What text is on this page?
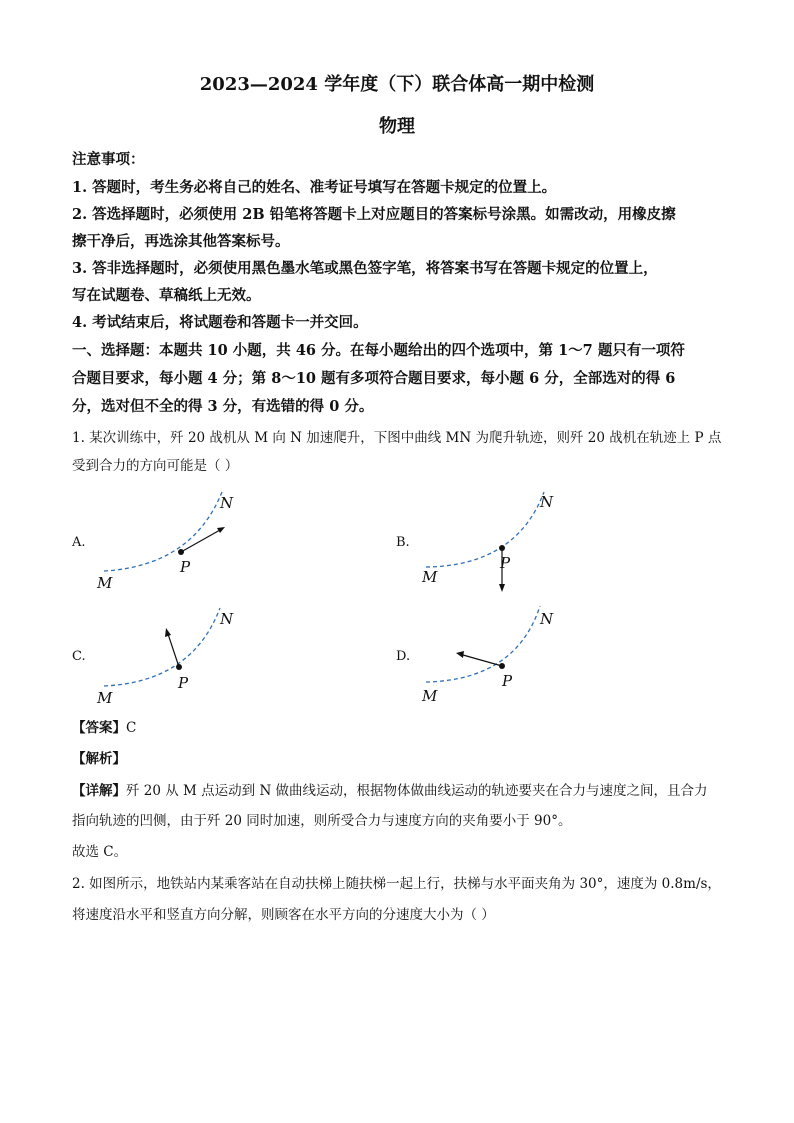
2023—2024 学年度（下）联合体高一期中检测
物理
注意事项：
1. 答题时，考生务必将自己的姓名、准考证号填写在答题卡规定的位置上。
2. 答选择题时，必须使用 2B 铅笔将答题卡上对应题目的答案标号涂黑。如需改动，用橡皮擦
擦干净后，再选涂其他答案标号。
3. 答非选择题时，必须使用黑色墨水笔或黑色签字笔，将答案书写在答题卡规定的位置上，
写在试题卷、草稿纸上无效。
4. 考试结束后，将试题卷和答题卡一并交回。
一、选择题：本题共 10 小题，共 46 分。在每小题给出的四个选项中，第 1～7 题只有一项符
合题目要求，每小题 4 分；第 8～10 题有多项符合题目要求，每小题 6 分，全部选对的得 6
分，选对但不全的得 3 分，有选错的得 0 分。
1. 某次训练中，歼 20 战机从 M 向 N 加速爬升，下图中曲线 MN 为爬升轨迹，则歼 20 战机在轨迹上 P 点
受到合力的方向可能是（ ）
A.
N
P
M
B.
N
P
M
C.
N
P
M
D.
N
P
M
【答案】C
【解析】
【详解】歼 20 从 M 点运动到 N 做曲线运动，根据物体做曲线运动的轨迹要夹在合力与速度之间，且合力
指向轨迹的凹侧，由于歼 20 同时加速，则所受合力与速度方向的夹角要小于 90°。
故选 C。
2. 如图所示，地铁站内某乘客站在自动扶梯上随扶梯一起上行，扶梯与水平面夹角为 30°，速度为 0.8m/s，
将速度沿水平和竖直方向分解，则顾客在水平方向的分速度大小为（ ）
